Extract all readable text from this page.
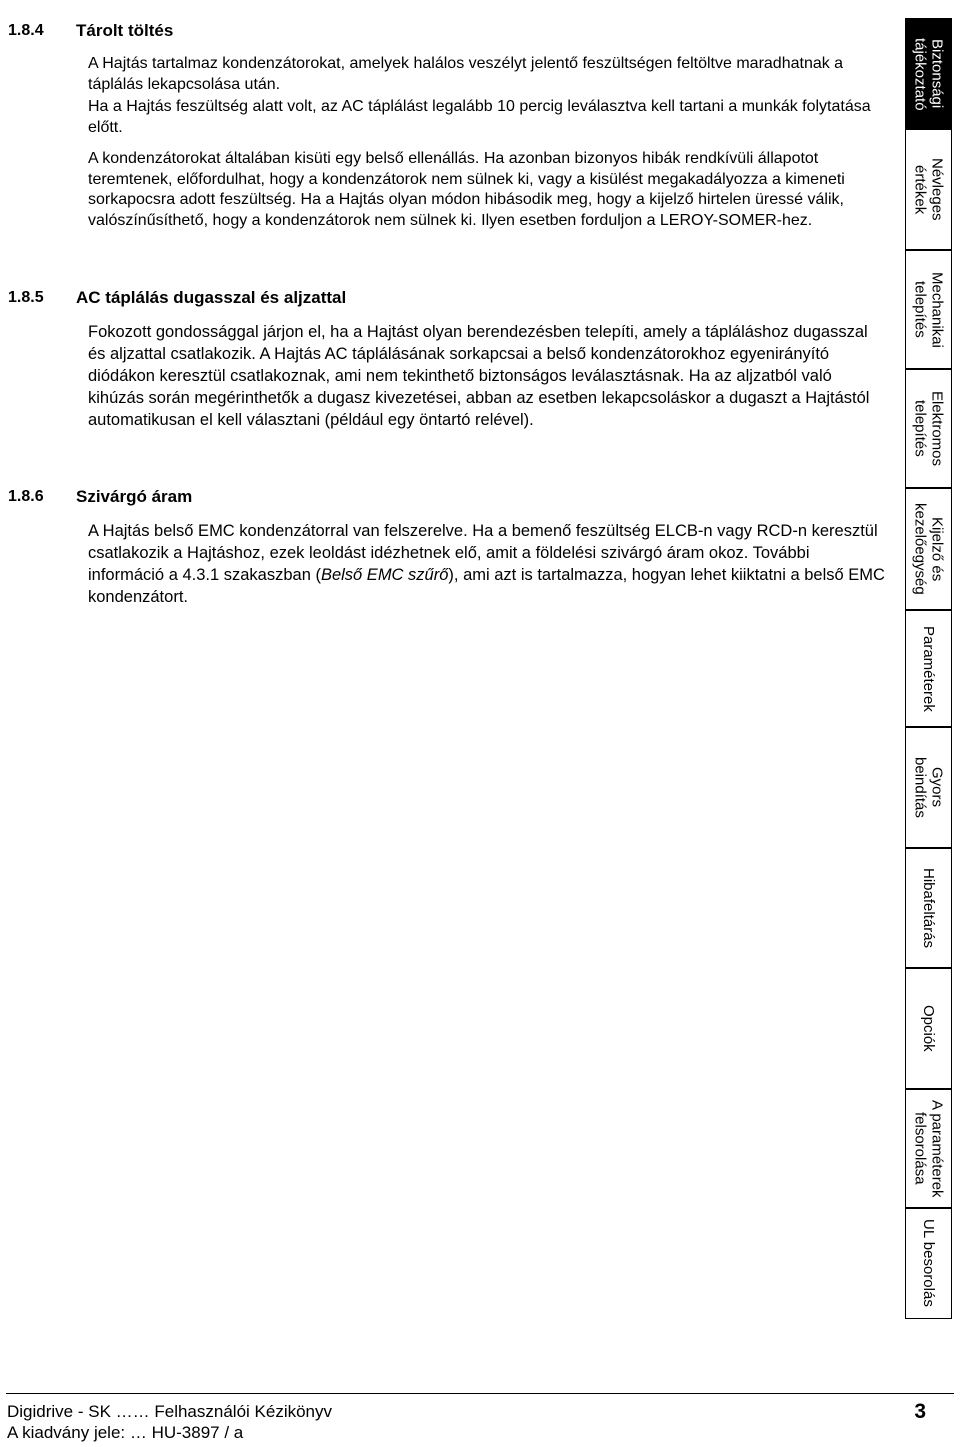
1.8.4 Tárolt töltés

A Hajtás tartalmaz kondenzátorokat, amelyek halálos veszélyt jelentő feszültségen feltöltve maradhatnak a táplálás lekapcsolása után.

Ha a Hajtás feszültség alatt volt, az AC táplálást legalább 10 percig leválasztva kell tartani a munkák folytatása előtt.

A kondenzátorokat általában kisüti egy belső ellenállás. Ha azonban bizonyos hibák rendkívüli állapotot teremtenek, előfordulhat, hogy a kondenzátorok nem sülnek ki, vagy a kisülést megakadályozza a kimeneti sorkapocsra adott feszültség. Ha a Hajtás olyan módon hibásodik meg, hogy a kijelző hirtelen üressé válik, valószínűsíthető, hogy a kondenzátorok nem sülnek ki. Ilyen esetben forduljon a LEROY-SOMER-hez.

1.8.5 AC táplálás dugasszal és aljzattal

Fokozott gondossággal járjon el, ha a Hajtást olyan berendezésben telepíti, amely a tápláláshoz dugasszal és aljzattal csatlakozik. A Hajtás AC táplálásának sorkapcsai a belső kondenzátorokhoz egyenirányító diódákon keresztül csatlakoznak, ami nem tekinthető biztonságos leválasztásnak. Ha az aljzatból való kihúzás során megérinthetők a dugasz kivezetései, abban az esetben lekapcsoláskor a dugaszt a Hajtástól automatikusan el kell választani (például egy öntartó relével).

1.8.6 Szivárgó áram

A Hajtás belső EMC kondenzátorral van felszerelve. Ha a bemenő feszültség ELCB-n vagy RCD-n keresztül csatlakozik a Hajtáshoz, ezek leoldást idézhetnek elő, amit a földelési szivárgó áram okoz. További információ a 4.3.1 szakaszban (Belső EMC szűrő), ami azt is tartalmazza, hogyan lehet kiiktatni a belső EMC kondenzátort.

Biztonsági
tájékoztató
Névleges
értékek
Mechanikai
telepítés
Elektromos
telepítés
Kijelző és
kezelőegység
Paraméterek
Gyors
beindítás
Hibafeltárás
Opciók
A paraméterek
felsorolása
UL besorolás
Digidrive - SK …… Felhasználói Kézikönyv
A kiadvány jele: … HU-3897 / a
3
